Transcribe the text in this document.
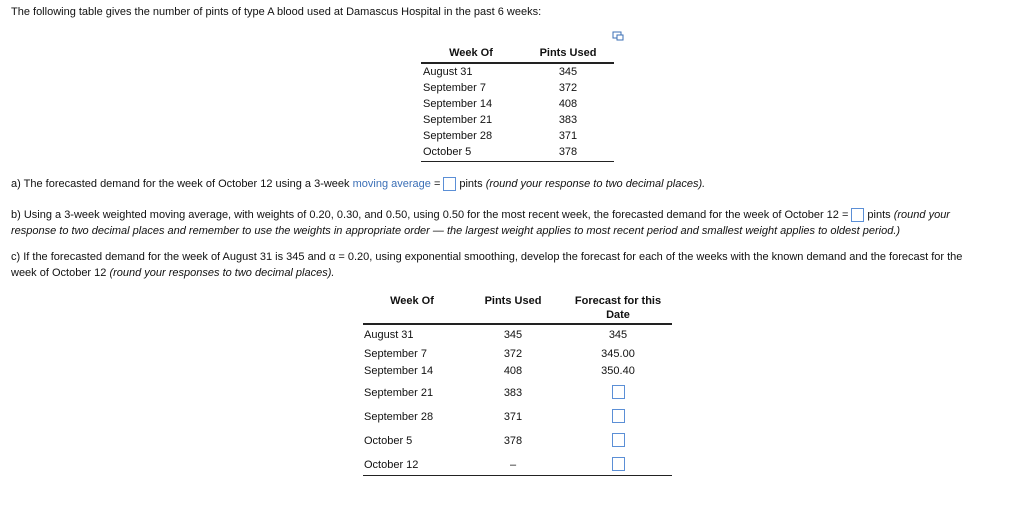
The following table gives the number of pints of type A blood used at Damascus Hospital in the past 6 weeks:
Week Of	Pints Used
August 31	345
September 7	372
September 14	408
September 21	383
September 28	371
October 5	378
a) The forecasted demand for the week of October 12 using a 3-week moving average = pints (round your response to two decimal places).
b) Using a 3-week weighted moving average, with weights of 0.20, 0.30, and 0.50, using 0.50 for the most recent week, the forecasted demand for the week of October 12 = pints (round your
response to two decimal places and remember to use the weights in appropriate order — the largest weight applies to most recent period and smallest weight applies to oldest period.)
c) If the forecasted demand for the week of August 31 is 345 and α = 0.20, using exponential smoothing, develop the forecast for each of the weeks with the known demand and the forecast for the
week of October 12 (round your responses to two decimal places).
Week Of	Pints Used	Forecast for this
Date
August 31	345	345
September 7	372	345.00
September 14	408	350.40
September 21	383
September 28	371
October 5	378
October 12	–
